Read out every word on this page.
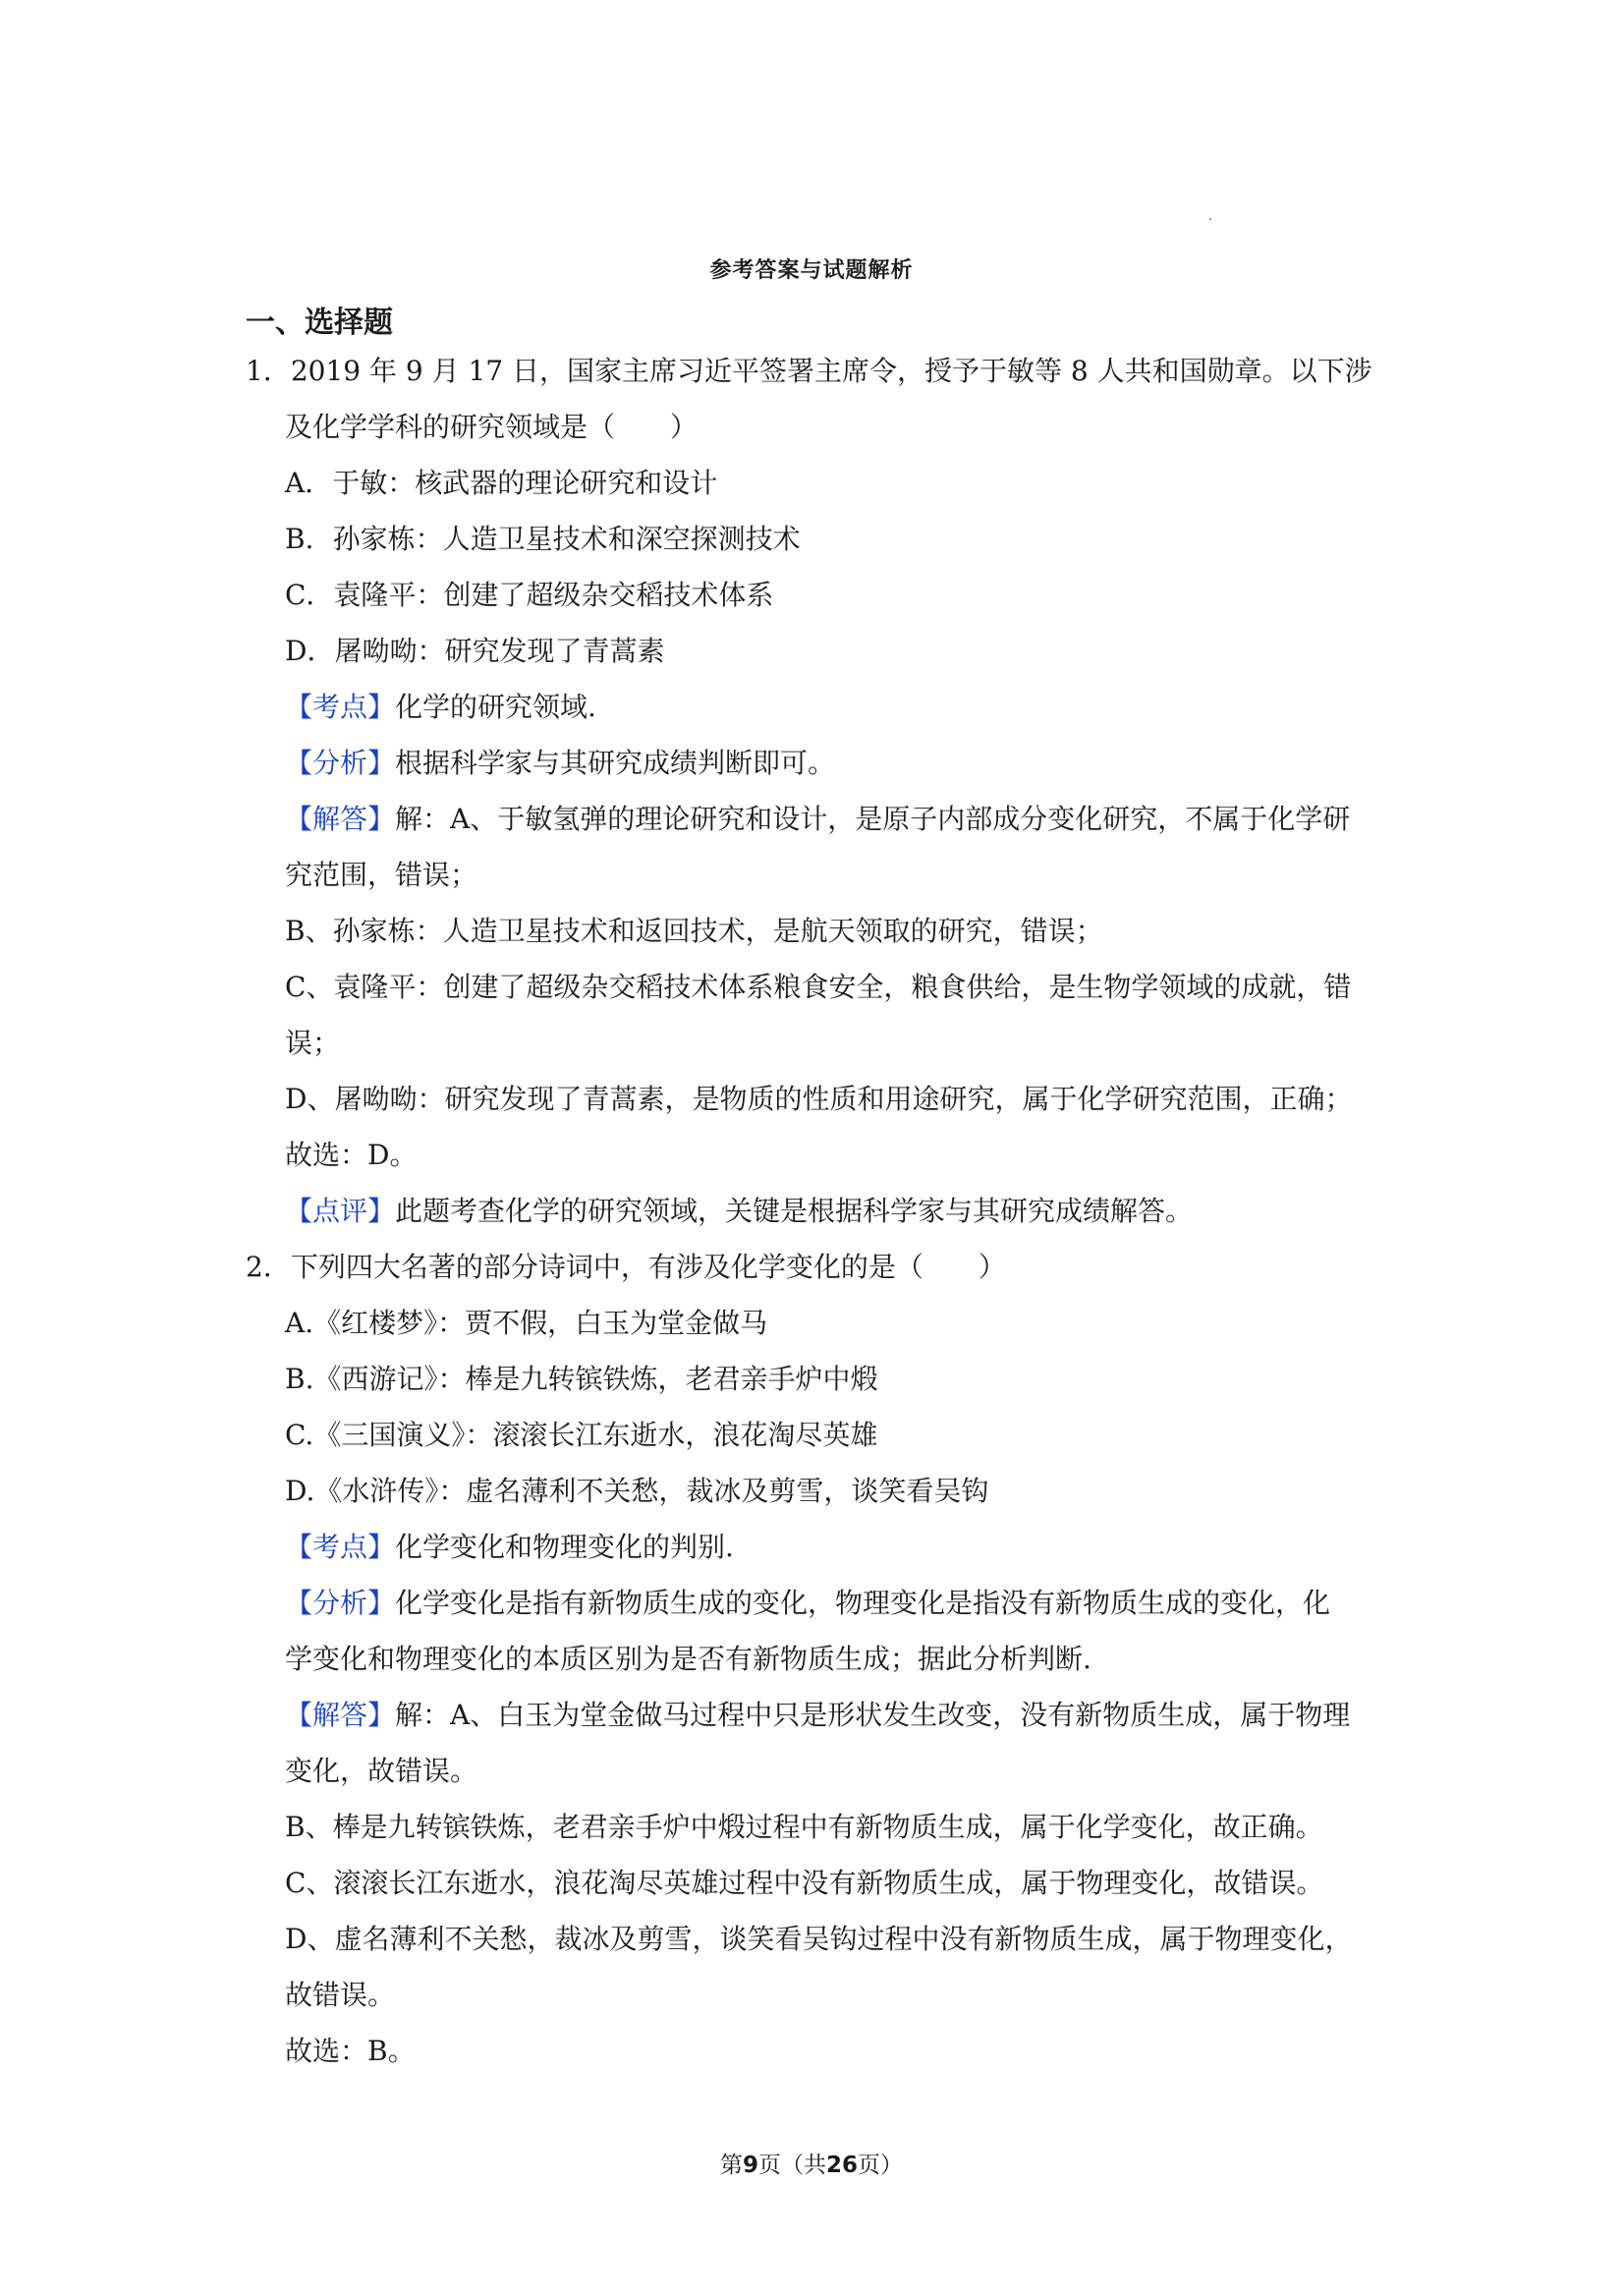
参考答案与试题解析
一、选择题
1．2019 年 9 月 17 日，国家主席习近平签署主席令，授予于敏等 8 人共和国勋章。以下涉
及化学学科的研究领域是（　　）
A．于敏：核武器的理论研究和设计
B．孙家栋：人造卫星技术和深空探测技术
C．袁隆平：创建了超级杂交稻技术体系
D．屠呦呦：研究发现了青蒿素
【考点】化学的研究领域.
【分析】根据科学家与其研究成绩判断即可。
【解答】解：A、于敏氢弹的理论研究和设计，是原子内部成分变化研究，不属于化学研
究范围，错误；
B、孙家栋：人造卫星技术和返回技术，是航天领取的研究，错误；
C、袁隆平：创建了超级杂交稻技术体系粮食安全，粮食供给，是生物学领域的成就，错
误；
D、屠呦呦：研究发现了青蒿素，是物质的性质和用途研究，属于化学研究范围，正确；
故选：D。
【点评】此题考查化学的研究领域，关键是根据科学家与其研究成绩解答。
2．下列四大名著的部分诗词中，有涉及化学变化的是（　　）
A.《红楼梦》：贾不假，白玉为堂金做马
B.《西游记》：棒是九转镔铁炼，老君亲手炉中煅
C.《三国演义》：滚滚长江东逝水，浪花淘尽英雄
D.《水浒传》：虚名薄利不关愁，裁冰及剪雪，谈笑看吴钩
【考点】化学变化和物理变化的判别.
【分析】化学变化是指有新物质生成的变化，物理变化是指没有新物质生成的变化，化
学变化和物理变化的本质区别为是否有新物质生成；据此分析判断.
【解答】解：A、白玉为堂金做马过程中只是形状发生改变，没有新物质生成，属于物理
变化，故错误。
B、棒是九转镔铁炼，老君亲手炉中煅过程中有新物质生成，属于化学变化，故正确。
C、滚滚长江东逝水，浪花淘尽英雄过程中没有新物质生成，属于物理变化，故错误。
D、虚名薄利不关愁，裁冰及剪雪，谈笑看吴钩过程中没有新物质生成，属于物理变化，
故错误。
故选：B。
第9页（共26页）
